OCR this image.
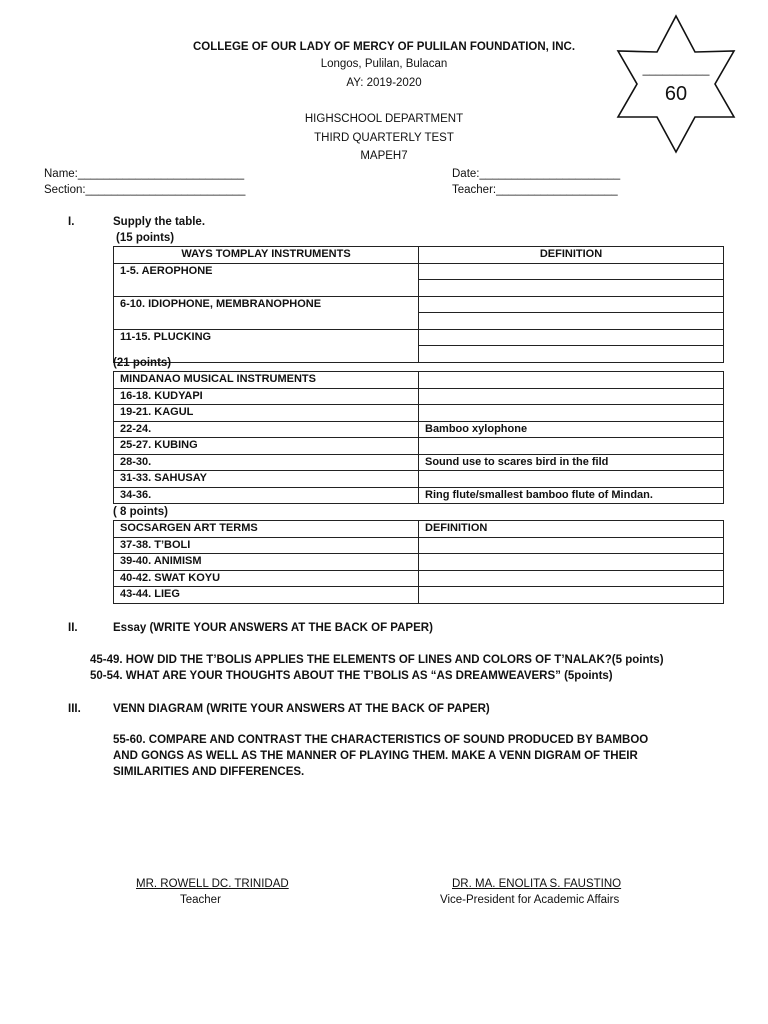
COLLEGE OF OUR LADY OF MERCY OF PULILAN FOUNDATION, INC.
Longos, Pulilan, Bulacan
AY: 2019-2020
HIGHSCHOOL DEPARTMENT
THIRD QUARTERLY TEST
MAPEH7
__________
60
Name:__________________________
Section:_________________________
Date:______________________
Teacher:___________________
I.	Supply the table.
(15 points)
WAYS TOMPLAY INSTRUMENTS	DEFINITION
1-5. AEROPHONE	

6-10. IDIOPHONE, MEMBRANOPHONE	

11-15. PLUCKING	

(21 points)
MINDANAO MUSICAL INSTRUMENTS	
16-18. KUDYAPI	
19-21. KAGUL	
22-24.	Bamboo xylophone
25-27. KUBING	
28-30.	Sound use to scares bird in the fild
31-33. SAHUSAY	
34-36.	Ring flute/smallest bamboo flute of Mindan.
( 8 points)
SOCSARGEN ART TERMS	DEFINITION
37-38. T’BOLI	
39-40. ANIMISM	
40-42. SWAT KOYU	
43-44. LIEG	
II.	Essay (WRITE YOUR ANSWERS AT THE BACK OF PAPER)
45-49. HOW DID THE T’BOLIS APPLIES THE ELEMENTS OF LINES AND COLORS OF T’NALAK?(5 points)
50-54. WHAT ARE YOUR THOUGHTS ABOUT THE T’BOLIS AS “AS DREAMWEAVERS” (5points)
III.	VENN DIAGRAM (WRITE YOUR ANSWERS AT THE BACK OF PAPER)
55-60. COMPARE AND CONTRAST THE CHARACTERISTICS OF SOUND PRODUCED BY BAMBOO
AND GONGS AS WELL AS THE MANNER OF PLAYING THEM. MAKE A VENN DIGRAM OF THEIR
SIMILARITIES AND DIFFERENCES.
MR. ROWELL DC. TRINIDAD
Teacher
DR. MA. ENOLITA S. FAUSTINO
Vice-President for Academic Affairs
